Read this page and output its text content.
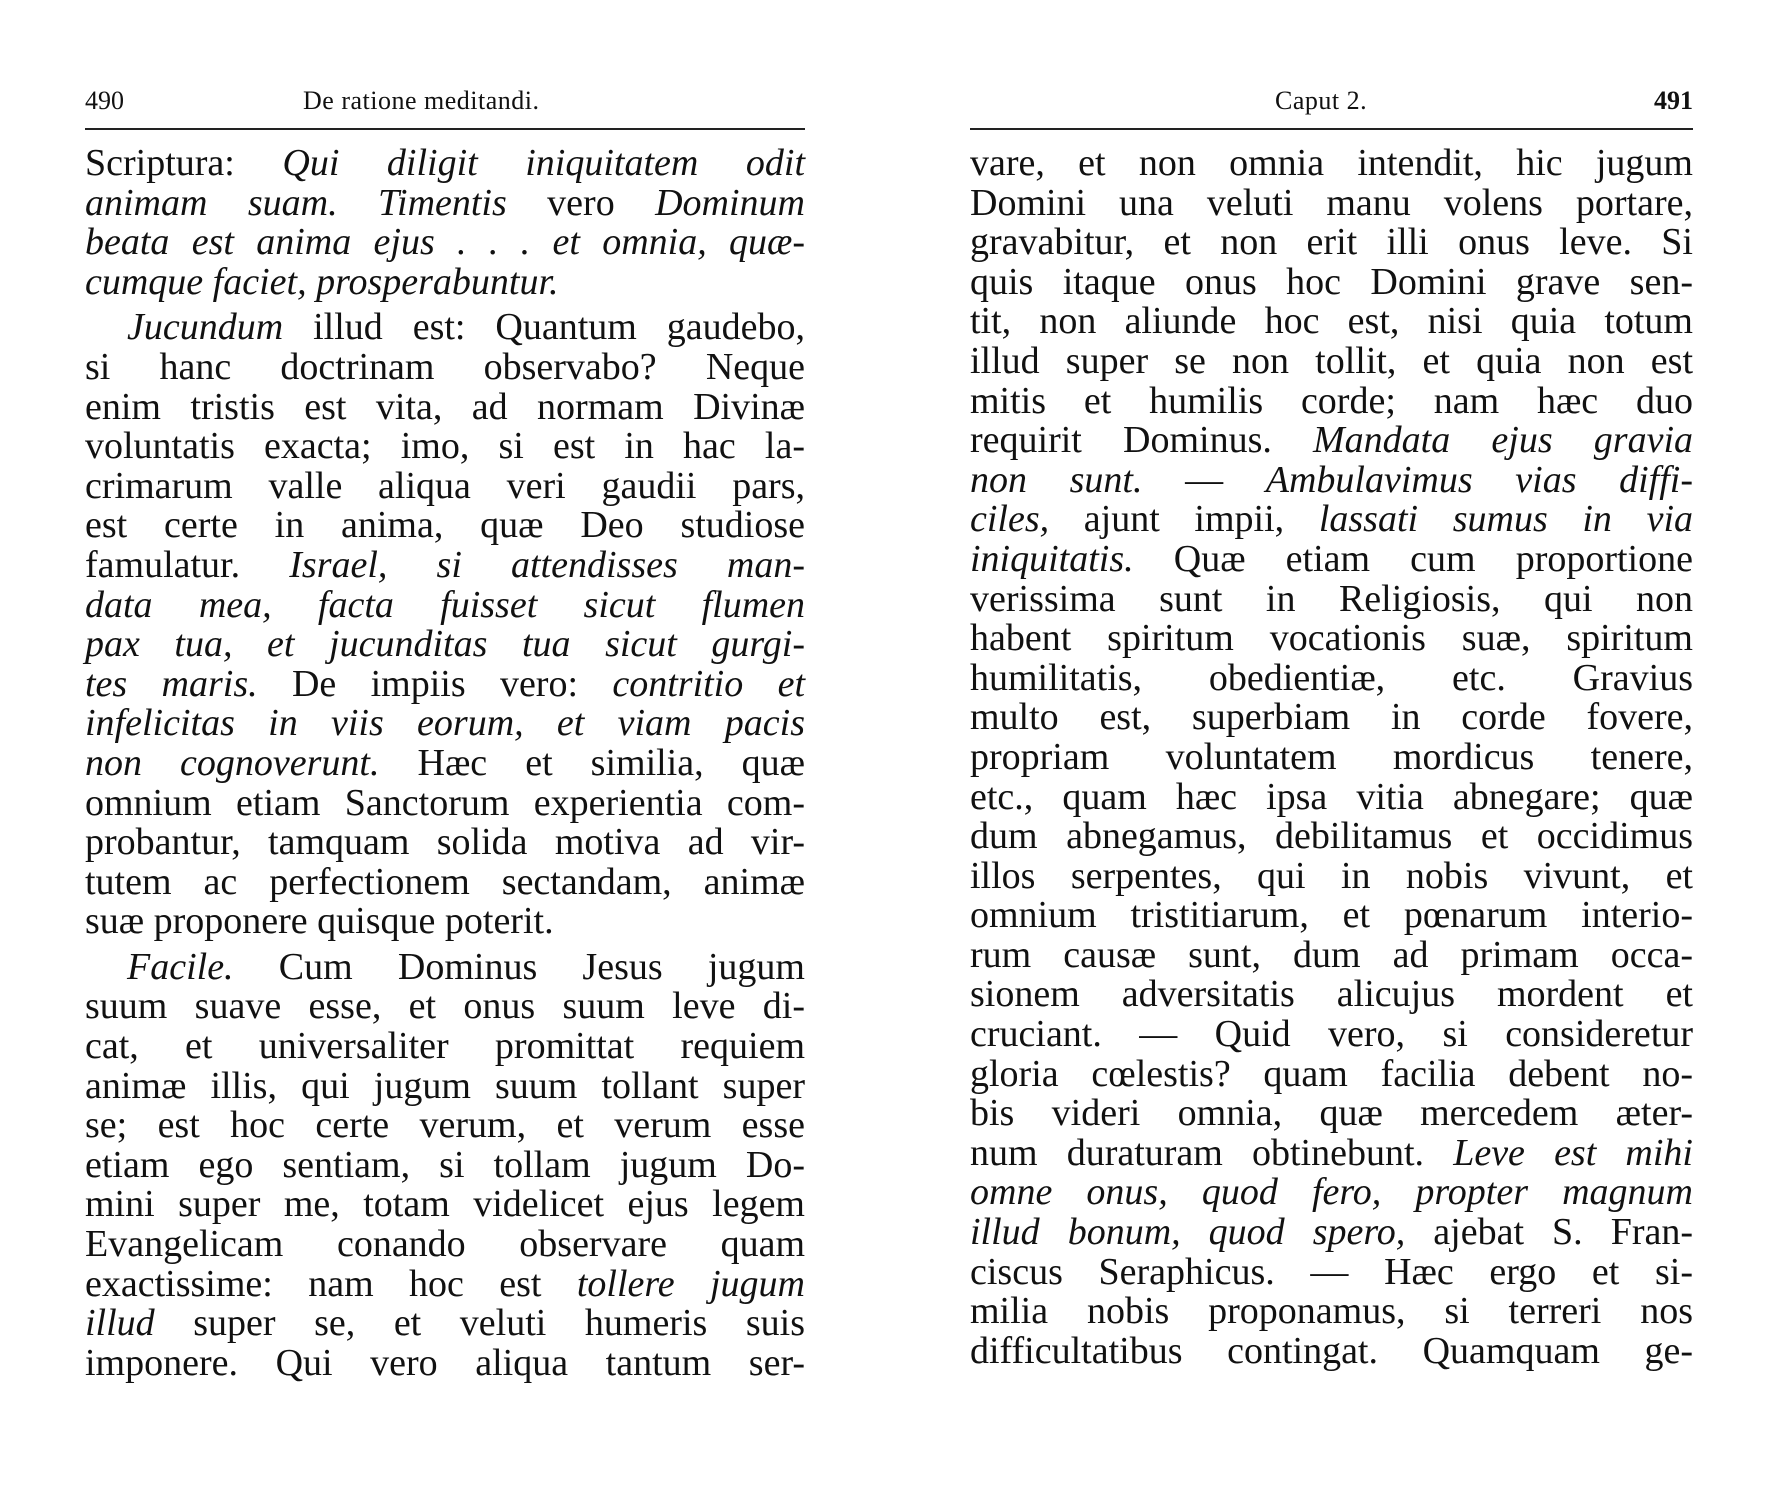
490	De ratione meditandi.
Scriptura: Qui diligit iniquitatem odit
animam suam. Timentis vero Dominum
beata est anima ejus . . . et omnia, quæ-
cumque faciet, prosperabuntur.
Jucundum illud est: Quantum gaudebo,
si hanc doctrinam observabo? Neque
enim tristis est vita, ad normam Divinæ
voluntatis exacta; imo, si est in hac la-
crimarum valle aliqua veri gaudii pars,
est certe in anima, quæ Deo studiose
famulatur. Israel, si attendisses man-
data mea, facta fuisset sicut flumen
pax tua, et jucunditas tua sicut gurgi-
tes maris. De impiis vero: contritio et
infelicitas in viis eorum, et viam pacis
non cognoverunt. Hæc et similia, quæ
omnium etiam Sanctorum experientia com-
probantur, tamquam solida motiva ad vir-
tutem ac perfectionem sectandam, animæ
suæ proponere quisque poterit.
Facile. Cum Dominus Jesus jugum
suum suave esse, et onus suum leve di-
cat, et universaliter promittat requiem
animæ illis, qui jugum suum tollant super
se; est hoc certe verum, et verum esse
etiam ego sentiam, si tollam jugum Do-
mini super me, totam videlicet ejus legem
Evangelicam conando observare quam
exactissime: nam hoc est tollere jugum
illud super se, et veluti humeris suis
imponere. Qui vero aliqua tantum ser-
Caput 2.	491
vare, et non omnia intendit, hic jugum
Domini una veluti manu volens portare,
gravabitur, et non erit illi onus leve. Si
quis itaque onus hoc Domini grave sen-
tit, non aliunde hoc est, nisi quia totum
illud super se non tollit, et quia non est
mitis et humilis corde; nam hæc duo
requirit Dominus. Mandata ejus gravia
non sunt. — Ambulavimus vias diffi-
ciles, ajunt impii, lassati sumus in via
iniquitatis. Quæ etiam cum proportione
verissima sunt in Religiosis, qui non
habent spiritum vocationis suæ, spiritum
humilitatis, obedientiæ, etc. Gravius
multo est, superbiam in corde fovere,
propriam voluntatem mordicus tenere,
etc., quam hæc ipsa vitia abnegare; quæ
dum abnegamus, debilitamus et occidimus
illos serpentes, qui in nobis vivunt, et
omnium tristitiarum, et pœnarum interio-
rum causæ sunt, dum ad primam occa-
sionem adversitatis alicujus mordent et
cruciant. — Quid vero, si consideretur
gloria cœlestis? quam facilia debent no-
bis videri omnia, quæ mercedem æter-
num duraturam obtinebunt. Leve est mihi
omne onus, quod fero, propter magnum
illud bonum, quod spero, ajebat S. Fran-
ciscus Seraphicus. — Hæc ergo et si-
milia nobis proponamus, si terreri nos
difficultatibus contingat. Quamquam ge-
